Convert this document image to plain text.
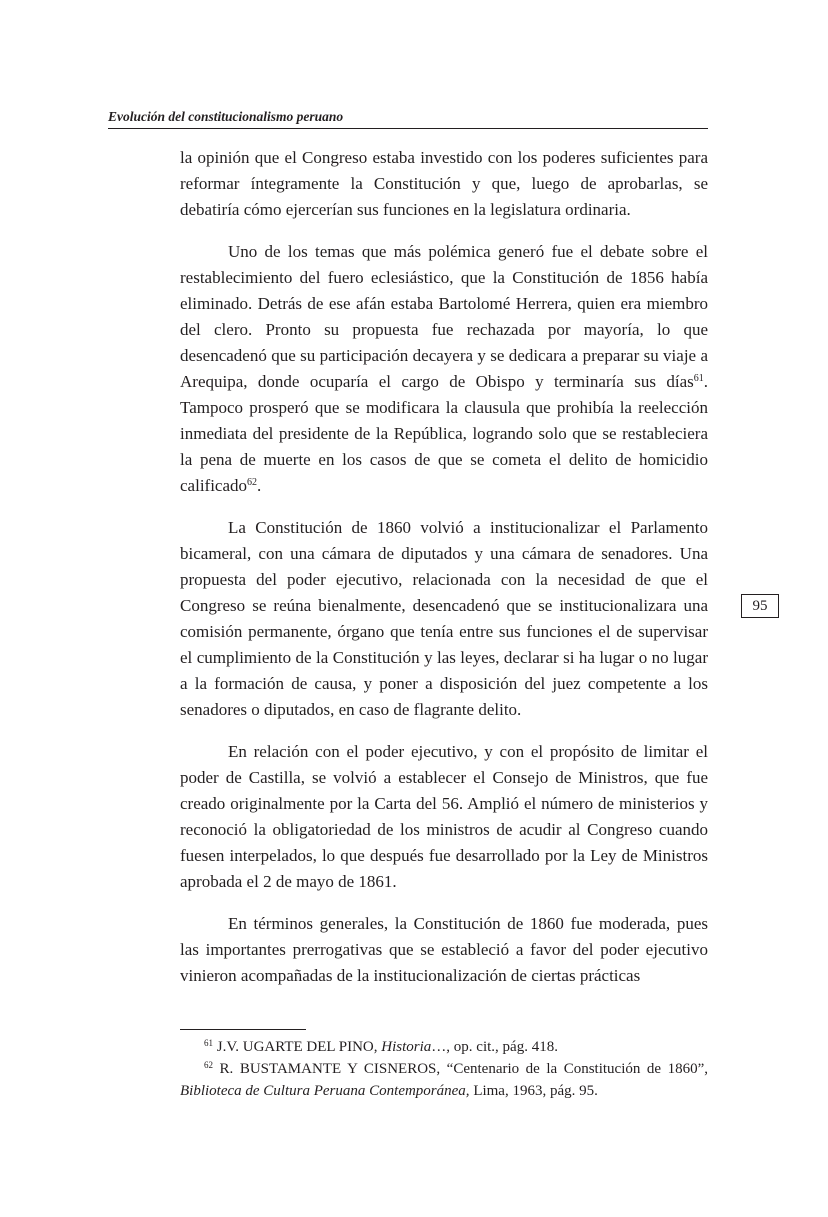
Evolución del constitucionalismo peruano

la opinión que el Congreso estaba investido con los poderes suficientes para reformar íntegramente la Constitución y que, luego de aprobarlas, se debatiría cómo ejercerían sus funciones en la legislatura ordinaria.

Uno de los temas que más polémica generó fue el debate sobre el restablecimiento del fuero eclesiástico, que la Constitución de 1856 había eliminado. Detrás de ese afán estaba Bartolomé Herrera, quien era miembro del clero. Pronto su propuesta fue rechazada por mayoría, lo que desencadenó que su participación decayera y se dedicara a preparar su viaje a Arequipa, donde ocuparía el cargo de Obispo y terminaría sus días$^{61}$. Tampoco prosperó que se modificara la clausula que prohibía la reelección inmediata del presidente de la República, logrando solo que se restableciera la pena de muerte en los casos de que se cometa el delito de homicidio calificado$^{62}$.

La Constitución de 1860 volvió a institucionalizar el Parlamento bicameral, con una cámara de diputados y una cámara de senadores. Una propuesta del poder ejecutivo, relacionada con la necesidad de que el Congreso se reúna bienalmente, desencadenó que se institucionalizara una comisión permanente, órgano que tenía entre sus funciones el de supervisar el cumplimiento de la Constitución y las leyes, declarar si ha lugar o no lugar a la formación de causa, y poner a disposición del juez competente a los senadores o diputados, en caso de flagrante delito.

En relación con el poder ejecutivo, y con el propósito de limitar el poder de Castilla, se volvió a establecer el Consejo de Ministros, que fue creado originalmente por la Carta del 56. Amplió el número de ministerios y reconoció la obligatoriedad de los ministros de acudir al Congreso cuando fuesen interpelados, lo que después fue desarrollado por la Ley de Ministros aprobada el 2 de mayo de 1861.

En términos generales, la Constitución de 1860 fue moderada, pues las importantes prerrogativas que se estableció a favor del poder ejecutivo vinieron acompañadas de la institucionalización de ciertas prácticas

95

$^{61}$ J.V. UGARTE DEL PINO, Historia…, op. cit., pág. 418.

$^{62}$ R. BUSTAMANTE Y CISNEROS, “Centenario de la Constitución de 1860”, Biblioteca de Cultura Peruana Contemporánea, Lima, 1963, pág. 95.
